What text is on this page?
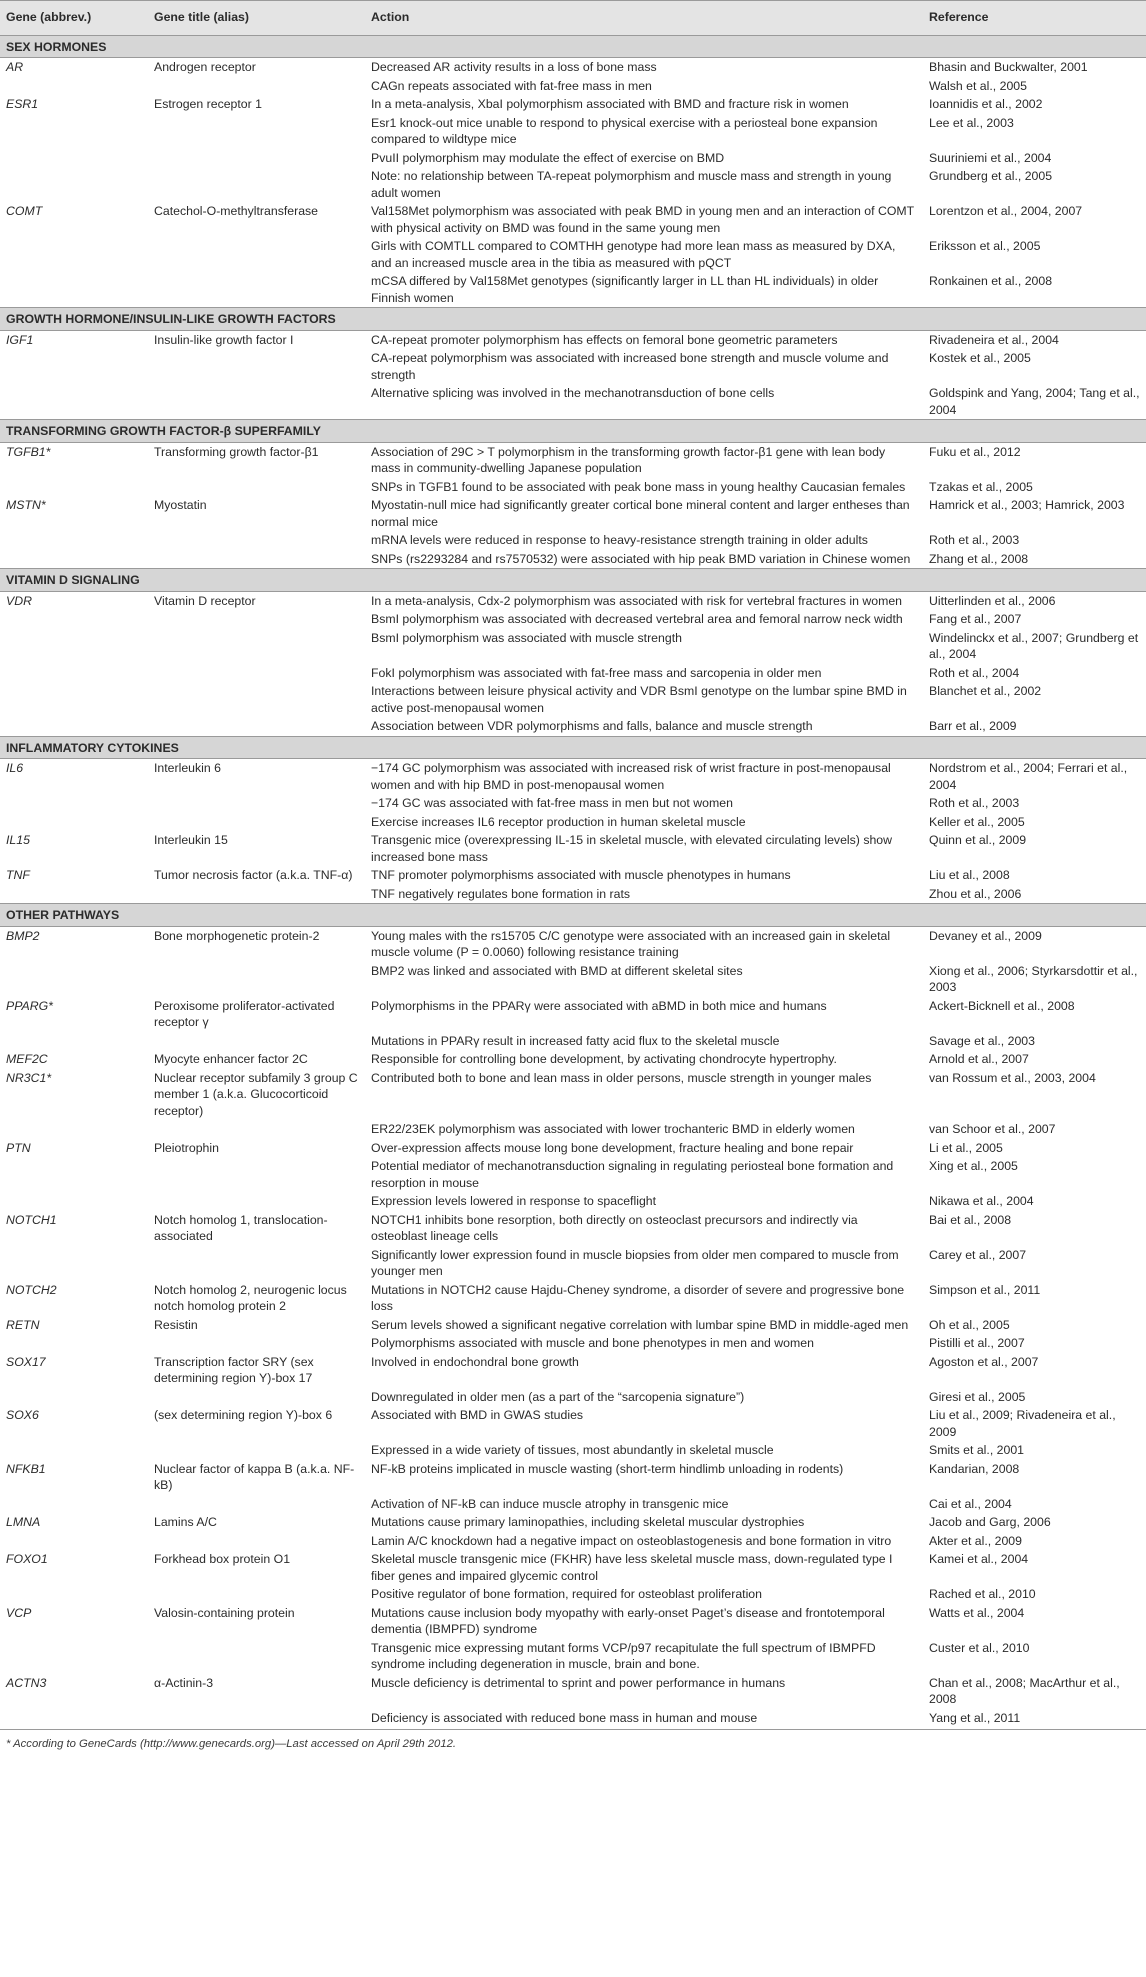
Gene (abbrev.)	Gene title (alias)	Action	Reference
SEX HORMONES			
AR	Androgen receptor	Decreased AR activity results in a loss of bone mass	Bhasin and Buckwalter, 2001
		CAGn repeats associated with fat-free mass in men	Walsh et al., 2005
ESR1	Estrogen receptor 1	In a meta-analysis, XbaI polymorphism associated with BMD and fracture risk in women	Ioannidis et al., 2002
		Esr1 knock-out mice unable to respond to physical exercise with a periosteal bone expansion compared to wildtype mice	Lee et al., 2003
		PvuII polymorphism may modulate the effect of exercise on BMD	Suuriniemi et al., 2004
		Note: no relationship between TA-repeat polymorphism and muscle mass and strength in young adult women	Grundberg et al., 2005
COMT	Catechol-O-methyltransferase	Val158Met polymorphism was associated with peak BMD in young men and an interaction of COMT with physical activity on BMD was found in the same young men	Lorentzon et al., 2004, 2007
		Girls with COMTLL compared to COMTHH genotype had more lean mass as measured by DXA, and an increased muscle area in the tibia as measured with pQCT	Eriksson et al., 2005
		mCSA differed by Val158Met genotypes (significantly larger in LL than HL individuals) in older Finnish women	Ronkainen et al., 2008
GROWTH HORMONE/INSULIN-LIKE GROWTH FACTORS			
IGF1	Insulin-like growth factor I	CA-repeat promoter polymorphism has effects on femoral bone geometric parameters	Rivadeneira et al., 2004
		CA-repeat polymorphism was associated with increased bone strength and muscle volume and strength	Kostek et al., 2005
		Alternative splicing was involved in the mechanotransduction of bone cells	Goldspink and Yang, 2004; Tang et al., 2004
TRANSFORMING GROWTH FACTOR-β SUPERFAMILY			
TGFB1*	Transforming growth factor-β1	Association of 29C > T polymorphism in the transforming growth factor-β1 gene with lean body mass in community-dwelling Japanese population	Fuku et al., 2012
		SNPs in TGFB1 found to be associated with peak bone mass in young healthy Caucasian females	Tzakas et al., 2005
MSTN*	Myostatin	Myostatin-null mice had significantly greater cortical bone mineral content and larger entheses than normal mice	Hamrick et al., 2003; Hamrick, 2003
		mRNA levels were reduced in response to heavy-resistance strength training in older adults	Roth et al., 2003
		SNPs (rs2293284 and rs7570532) were associated with hip peak BMD variation in Chinese women	Zhang et al., 2008
VITAMIN D SIGNALING			
VDR	Vitamin D receptor	In a meta-analysis, Cdx-2 polymorphism was associated with risk for vertebral fractures in women	Uitterlinden et al., 2006
		BsmI polymorphism was associated with decreased vertebral area and femoral narrow neck width	Fang et al., 2007
		BsmI polymorphism was associated with muscle strength	Windelinckx et al., 2007; Grundberg et al., 2004
		FokI polymorphism was associated with fat-free mass and sarcopenia in older men	Roth et al., 2004
		Interactions between leisure physical activity and VDR BsmI genotype on the lumbar spine BMD in active post-menopausal women	Blanchet et al., 2002
		Association between VDR polymorphisms and falls, balance and muscle strength	Barr et al., 2009
INFLAMMATORY CYTOKINES			
IL6	Interleukin 6	−174 GC polymorphism was associated with increased risk of wrist fracture in post-menopausal women and with hip BMD in post-menopausal women	Nordstrom et al., 2004; Ferrari et al., 2004
		−174 GC was associated with fat-free mass in men but not women	Roth et al., 2003
		Exercise increases IL6 receptor production in human skeletal muscle	Keller et al., 2005
IL15	Interleukin 15	Transgenic mice (overexpressing IL-15 in skeletal muscle, with elevated circulating levels) show increased bone mass	Quinn et al., 2009
TNF	Tumor necrosis factor (a.k.a. TNF-α)	TNF promoter polymorphisms associated with muscle phenotypes in humans	Liu et al., 2008
		TNF negatively regulates bone formation in rats	Zhou et al., 2006
OTHER PATHWAYS			
BMP2	Bone morphogenetic protein-2	Young males with the rs15705 C/C genotype were associated with an increased gain in skeletal muscle volume (P = 0.0060) following resistance training	Devaney et al., 2009
		BMP2 was linked and associated with BMD at different skeletal sites	Xiong et al., 2006; Styrkarsdottir et al., 2003
PPARG*	Peroxisome proliferator-activated receptor γ	Polymorphisms in the PPARγ were associated with aBMD in both mice and humans	Ackert-Bicknell et al., 2008
		Mutations in PPARγ result in increased fatty acid flux to the skeletal muscle	Savage et al., 2003
MEF2C	Myocyte enhancer factor 2C	Responsible for controlling bone development, by activating chondrocyte hypertrophy.	Arnold et al., 2007
NR3C1*	Nuclear receptor subfamily 3 group C member 1 (a.k.a. Glucocorticoid receptor)	Contributed both to bone and lean mass in older persons, muscle strength in younger males	van Rossum et al., 2003, 2004
		ER22/23EK polymorphism was associated with lower trochanteric BMD in elderly women	van Schoor et al., 2007
PTN	Pleiotrophin	Over-expression affects mouse long bone development, fracture healing and bone repair	Li et al., 2005
		Potential mediator of mechanotransduction signaling in regulating periosteal bone formation and resorption in mouse	Xing et al., 2005
		Expression levels lowered in response to spaceflight	Nikawa et al., 2004
NOTCH1	Notch homolog 1, translocation-associated	NOTCH1 inhibits bone resorption, both directly on osteoclast precursors and indirectly via osteoblast lineage cells	Bai et al., 2008
		Significantly lower expression found in muscle biopsies from older men compared to muscle from younger men	Carey et al., 2007
NOTCH2	Notch homolog 2, neurogenic locus notch homolog protein 2	Mutations in NOTCH2 cause Hajdu-Cheney syndrome, a disorder of severe and progressive bone loss	Simpson et al., 2011
RETN	Resistin	Serum levels showed a significant negative correlation with lumbar spine BMD in middle-aged men	Oh et al., 2005
		Polymorphisms associated with muscle and bone phenotypes in men and women	Pistilli et al., 2007
SOX17	Transcription factor SRY (sex determining region Y)-box 17	Involved in endochondral bone growth	Agoston et al., 2007
		Downregulated in older men (as a part of the “sarcopenia signature”)	Giresi et al., 2005
SOX6	(sex determining region Y)-box 6	Associated with BMD in GWAS studies	Liu et al., 2009; Rivadeneira et al., 2009
		Expressed in a wide variety of tissues, most abundantly in skeletal muscle	Smits et al., 2001
NFKB1	Nuclear factor of kappa B (a.k.a. NF-kB)	NF-kB proteins implicated in muscle wasting (short-term hindlimb unloading in rodents)	Kandarian, 2008
		Activation of NF-kB can induce muscle atrophy in transgenic mice	Cai et al., 2004
LMNA	Lamins A/C	Mutations cause primary laminopathies, including skeletal muscular dystrophies	Jacob and Garg, 2006
		Lamin A/C knockdown had a negative impact on osteoblastogenesis and bone formation in vitro	Akter et al., 2009
FOXO1	Forkhead box protein O1	Skeletal muscle transgenic mice (FKHR) have less skeletal muscle mass, down-regulated type I fiber genes and impaired glycemic control	Kamei et al., 2004
		Positive regulator of bone formation, required for osteoblast proliferation	Rached et al., 2010
VCP	Valosin-containing protein	Mutations cause inclusion body myopathy with early-onset Paget’s disease and frontotemporal dementia (IBMPFD) syndrome	Watts et al., 2004
		Transgenic mice expressing mutant forms VCP/p97 recapitulate the full spectrum of IBMPFD syndrome including degeneration in muscle, brain and bone.	Custer et al., 2010
ACTN3	α-Actinin-3	Muscle deficiency is detrimental to sprint and power performance in humans	Chan et al., 2008; MacArthur et al., 2008
		Deficiency is associated with reduced bone mass in human and mouse	Yang et al., 2011
* According to GeneCards (http://www.genecards.org)—Last accessed on April 29th 2012.
